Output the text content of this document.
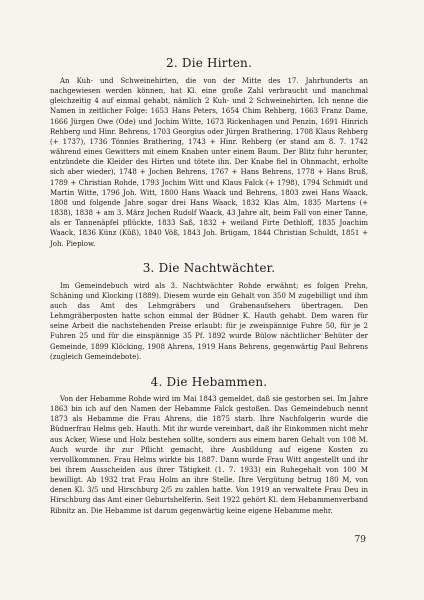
2. Die Hirten.

An Kuh- und Schweinehirten, die von der Mitte des 17. Jahrhunderts an nachgewiesen werden können, hat Kl. eine große Zahl verbraucht und manchmal gleichzeitig 4 auf einmal gehabt, nämlich 2 Kuh- und 2 Schweinehirten. Ich nenne die Namen in zeitlicher Folge: 1653 Hans Peters, 1654 Chim Rehberg, 1663 Franz Dame, 1666 Jürgen Owe (Ode) und Jochim Witte, 1673 Rickenhagen und Penzin, 1691 Hinrich Rehberg und Hinr. Behrens, 1703 Georgius oder Jürgen Brathering, 1708 Klaus Rehberg (+ 1737), 1736 Tönnies Brathering, 1743 + Hinr. Rehberg (er stand am 8. 7. 1742 während eines Gewitters mit einem Knaben unter einem Baum. Der Blitz fuhr herunter, entzündete die Kleider des Hirten und tötete ihn. Der Knabe fiel in Ohnmacht, erholte sich aber wieder), 1748 + Jochen Behrens, 1767 + Hans Behrens, 1778 + Hans Bruß, 1789 + Christian Rohde, 1793 Jochim Witt und Klaus Falck (+ 1798), 1794 Schmidt und Martin Witte, 1796 Joh. Witt, 1800 Hans Waack und Behrens, 1803 zwei Hans Waack, 1808 und folgende Jahre sogar drei Hans Waack, 1832 Klas Alm, 1835 Martens (+ 1838), 1838 + am 3. März Jochen Rudolf Waack, 43 Jahre alt, beim Fall von einer Tanne, als er Tannenäpfel pflückte, 1833 Saß, 1832 + weiland Firte Dethloff, 1835 Joachim Waack, 1836 Künz (Küß), 1840 Vöß, 1843 Joh. Brügam, 1844 Christian Schuldt, 1851 + Joh. Pieplow.

3. Die Nachtwächter.

Im Gemeindebuch wird als 3. Nachtwächter Rohde erwähnt; es folgen Prehn, Schäning und Klocking (1889). Diesem wurde ein Gehalt von 350 M zugebilligt und ihm auch das Amt des Lehmgräbers und Grabenaufsehers übertragen. Den Lehmgräberposten hatte schon einmal der Büdner K. Hauth gehabt. Dem waren für seine Arbeit die nachstehenden Preise erlaubt: für je zweispännige Fuhre 50, für je 2 Fuhren 25 und für die einspännige 35 Pf. 1892 wurde Bülow nächtlicher Behüter der Gemeinde, 1899 Klöcking, 1908 Ahrens, 1919 Hans Behrens, gegenwärtig Paul Behrens (zugleich Gemeindebote).

4. Die Hebammen.

Von der Hebamme Rohde wird im Mai 1843 gemeldet, daß sie gestorben sei. Im Jahre 1863 bin ich auf den Namen der Hebamme Falck gestoßen. Das Gemeindebuch nennt 1873 als Hebamme die Frau Ahrens, die 1875 starb. Ihre Nachfolgerin wurde die Büdnerfrau Helms geb. Hauth. Mit ihr wurde vereinbart, daß ihr Einkommen nicht mehr aus Acker, Wiese und Holz bestehen sollte, sondern aus einem baren Gehalt von 108 M. Auch wurde ihr zur Pflicht gemacht, ihre Ausbildung auf eigene Kosten zu vervollkommnen. Frau Helms wirkte bis 1887. Dann wurde Frau Witt angestellt und ihr bei ihrem Ausscheiden aus ihrer Tätigkeit (1. 7. 1933) ein Ruhegehalt von 100 M bewilligt. Ab 1932 trat Frau Holm an ihre Stelle. Ihre Vergütung betrug 180 M, von denen Kl. 3/5 und Hirschburg 2/5 zu zahlen hatte. Von 1919 an verwaltete Frau Deu in Hirschburg das Amt einer Geburtshelferin. Seit 1922 gehört Kl. dem Hebammenverband Ribnitz an. Die Hebamme ist darum gegenwärtig keine eigene Hebamme mehr.

79
